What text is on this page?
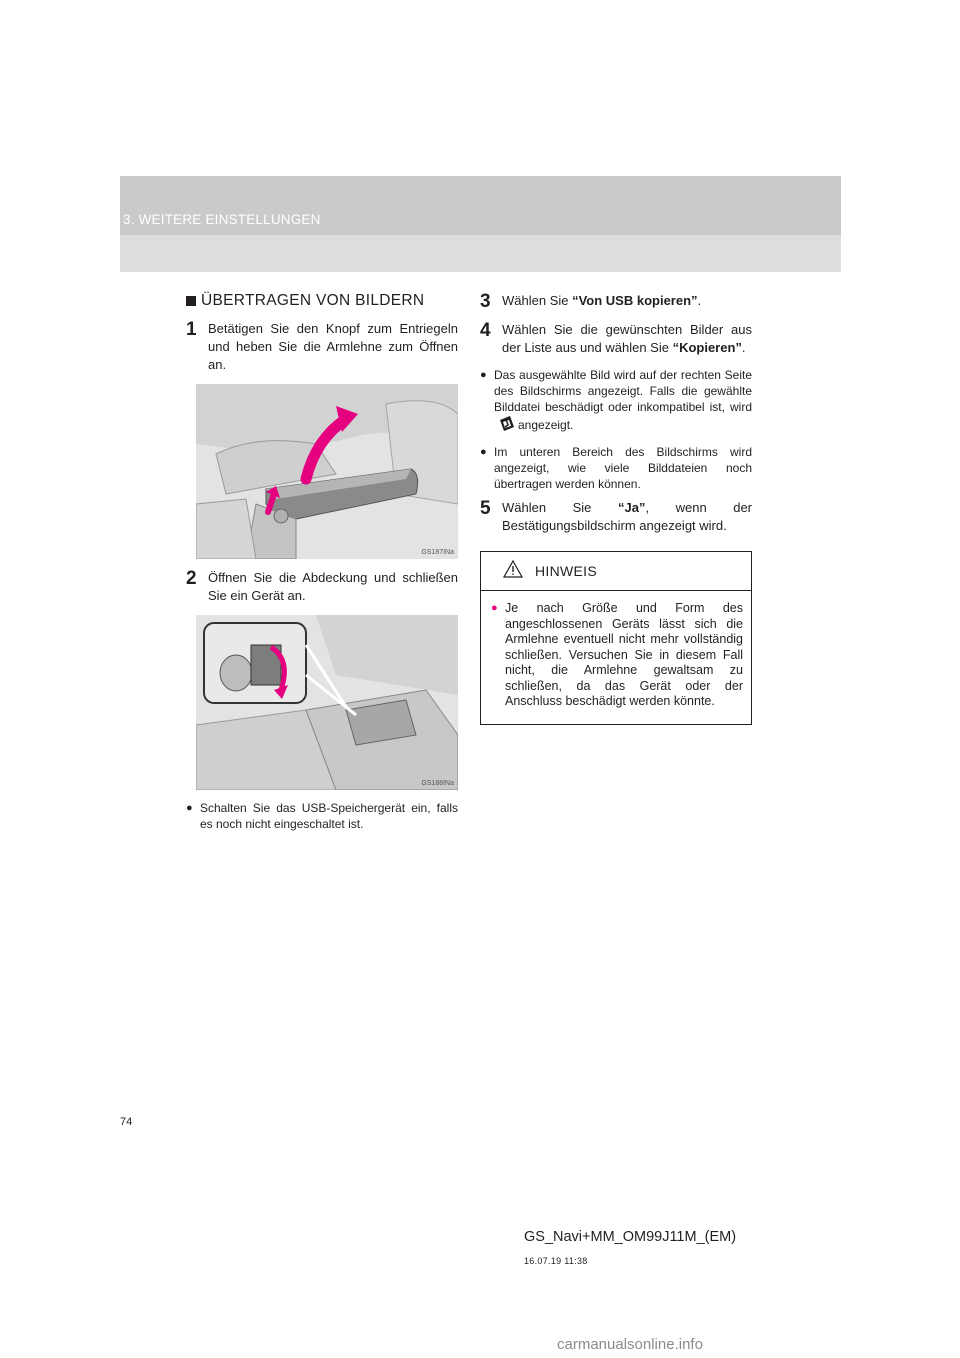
3. WEITERE EINSTELLUNGEN
ÜBERTRAGEN VON BILDERN
1 Betätigen Sie den Knopf zum Entriegeln und heben Sie die Armlehne zum Öffnen an.
GS187INa
2 Öffnen Sie die Abdeckung und schließen Sie ein Gerät an.
GS188INa
● Schalten Sie das USB-Speichergerät ein, falls es noch nicht eingeschaltet ist.
3 Wählen Sie “Von USB kopieren”.
4 Wählen Sie die gewünschten Bilder aus der Liste aus und wählen Sie “Kopieren”.
● Das ausgewählte Bild wird auf der rechten Seite des Bildschirms angezeigt. Falls die gewählte Bilddatei beschädigt oder inkompatibel ist, wirdangezeigt.
● Im unteren Bereich des Bildschirms wird angezeigt, wie viele Bilddateien noch übertragen werden können.
5 Wählen Sie “Ja”, wenn der Bestätigungsbildschirm angezeigt wird.
HINWEIS
● Je nach Größe und Form des angeschlossenen Geräts lässt sich die Armlehne eventuell nicht mehr vollständig schließen. Versuchen Sie in diesem Fall nicht, die Armlehne gewaltsam zu schließen, da das Gerät oder der Anschluss beschädigt werden könnte.
74
GS_Navi+MM_OM99J11M_(EM)
16.07.19 11:38
carmanualsonline.info
